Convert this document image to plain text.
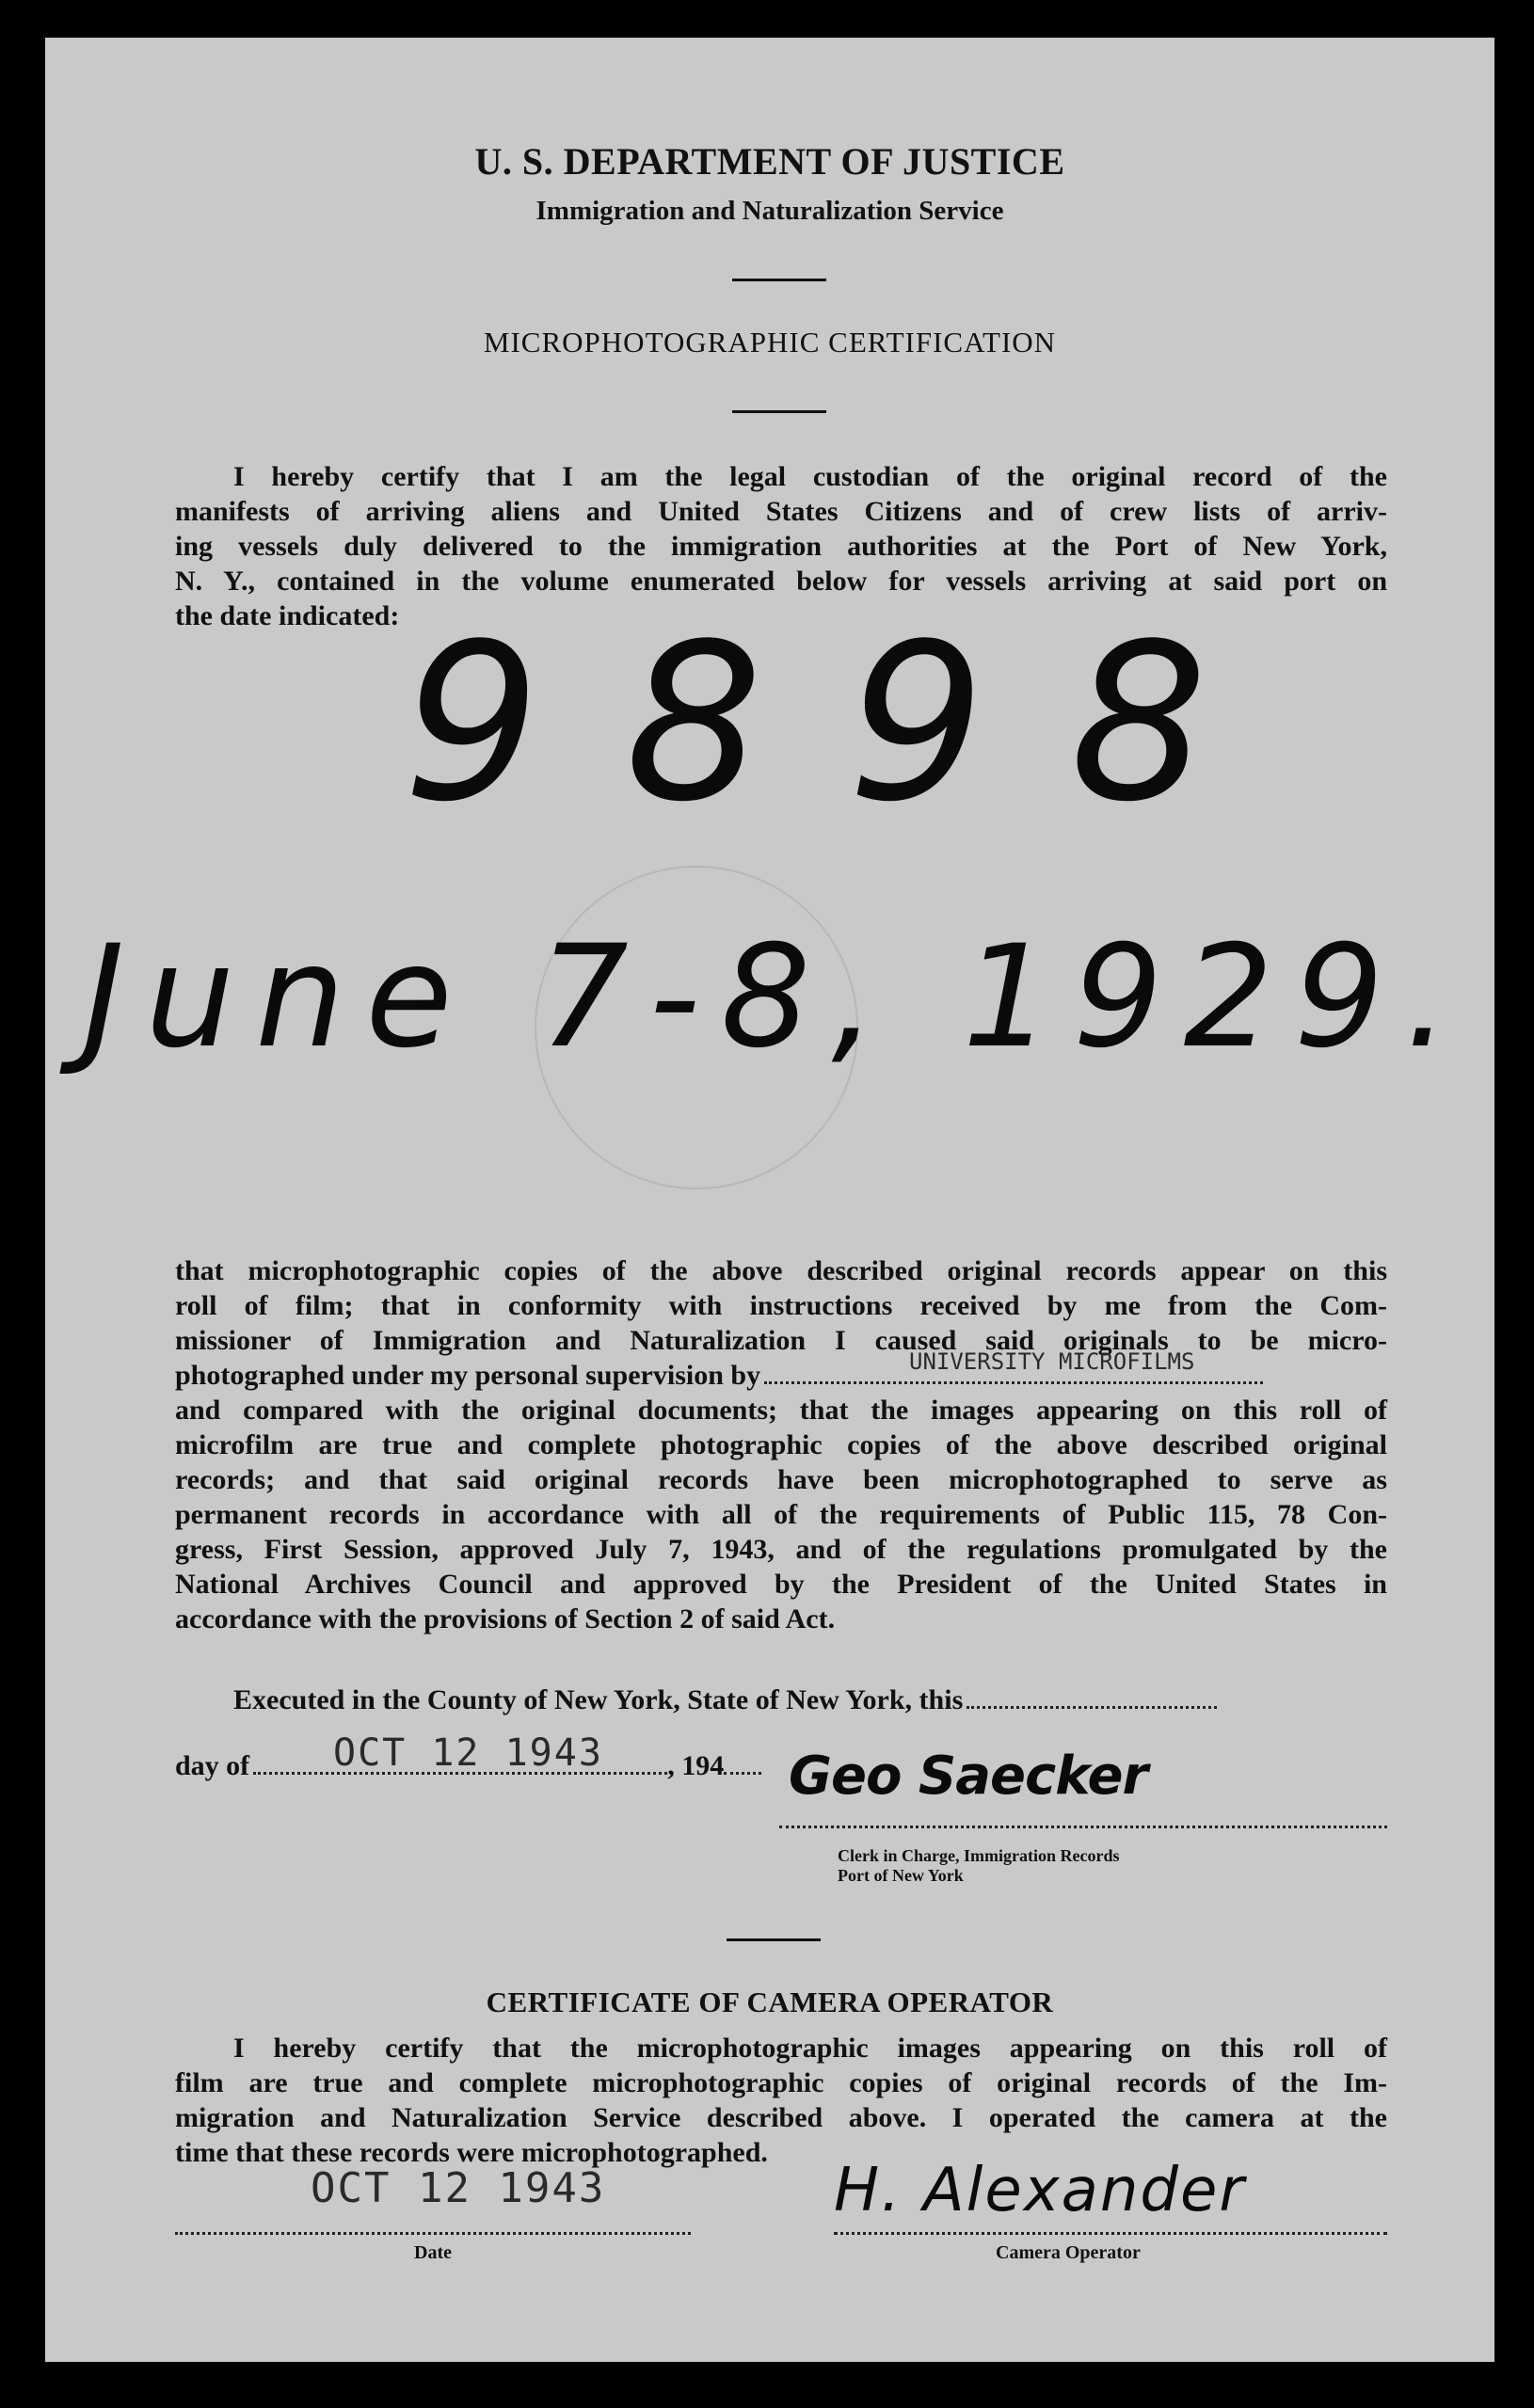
U. S. DEPARTMENT OF JUSTICE
Immigration and Naturalization Service
MICROPHOTOGRAPHIC CERTIFICATION
I hereby certify that I am the legal custodian of the original record of the
manifests of arriving aliens and United States Citizens and of crew lists of arriv-
ing vessels duly delivered to the immigration authorities at the Port of New York,
N. Y., contained in the volume enumerated below for vessels arriving at said port on
the date indicated: 9898
June 7-8, 1929.
that microphotographic copies of the above described original records appear on this
roll of film; that in conformity with instructions received by me from the Com-
missioner of Immigration and Naturalization I caused said originals to be micro-
photographed under my personal supervision by	UNIVERSITY MICROFILMS
and compared with the original documents; that the images appearing on this roll of
microfilm are true and complete photographic copies of the above described original
records; and that said original records have been microphotographed to serve as
permanent records in accordance with all of the requirements of Public 115, 78 Con-
gress, First Session, approved July 7, 1943, and of the regulations promulgated by the
National Archives Council and approved by the President of the United States in
accordance with the provisions of Section 2 of said Act.
Executed in the County of New York, State of New York, this
day of	, 194
OCT 12 1943	Geo Saecker
Clerk in Charge, Immigration Records
Port of New York
CERTIFICATE OF CAMERA OPERATOR
I hereby certify that the microphotographic images appearing on this roll of
film are true and complete microphotographic copies of original records of the Im-
migration and Naturalization Service described above. I operated the camera at the
time that these records were microphotographed.
OCT 12 1943
Date
H. Alexander
Camera Operator
